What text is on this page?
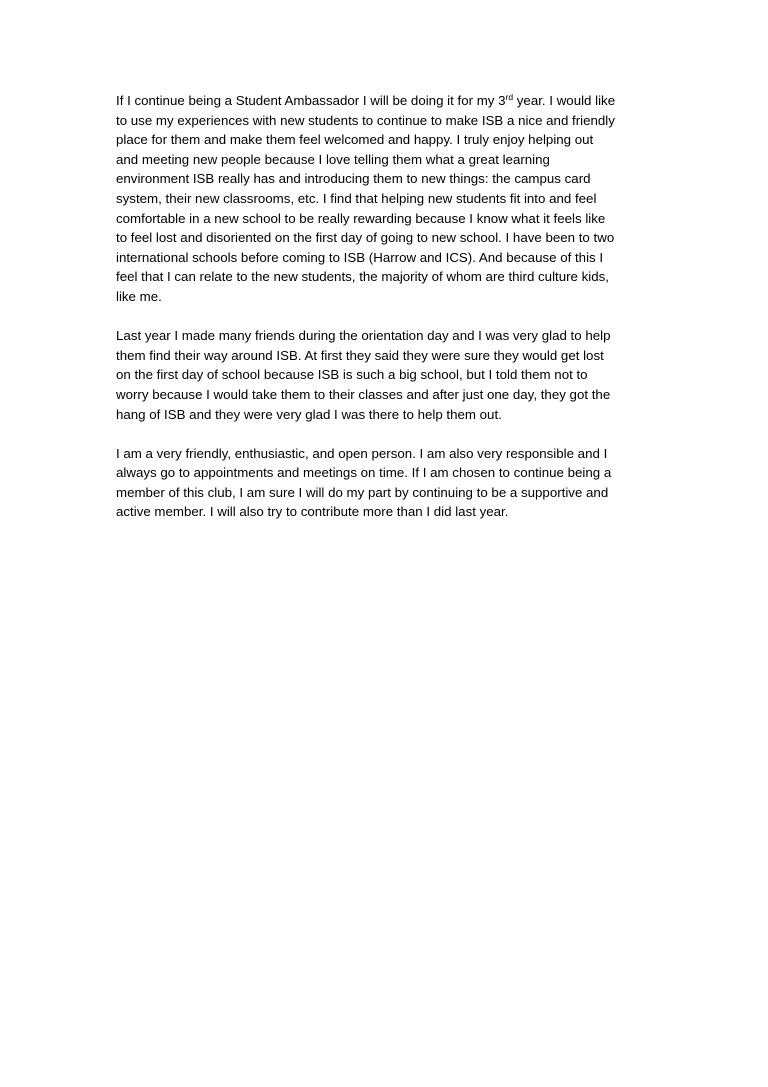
If I continue being a Student Ambassador I will be doing it for my 3rd year. I would like
to use my experiences with new students to continue to make ISB a nice and friendly
place for them and make them feel welcomed and happy. I truly enjoy helping out
and meeting new people because I love telling them what a great learning
environment ISB really has and introducing them to new things: the campus card
system, their new classrooms, etc. I find that helping new students fit into and feel
comfortable in a new school to be really rewarding because I know what it feels like
to feel lost and disoriented on the first day of going to new school. I have been to two
international schools before coming to ISB (Harrow and ICS). And because of this I
feel that I can relate to the new students, the majority of whom are third culture kids,
like me.
Last year I made many friends during the orientation day and I was very glad to help
them find their way around ISB. At first they said they were sure they would get lost
on the first day of school because ISB is such a big school, but I told them not to
worry because I would take them to their classes and after just one day, they got the
hang of ISB and they were very glad I was there to help them out.
I am a very friendly, enthusiastic, and open person. I am also very responsible and I
always go to appointments and meetings on time. If I am chosen to continue being a
member of this club, I am sure I will do my part by continuing to be a supportive and
active member. I will also try to contribute more than I did last year.
